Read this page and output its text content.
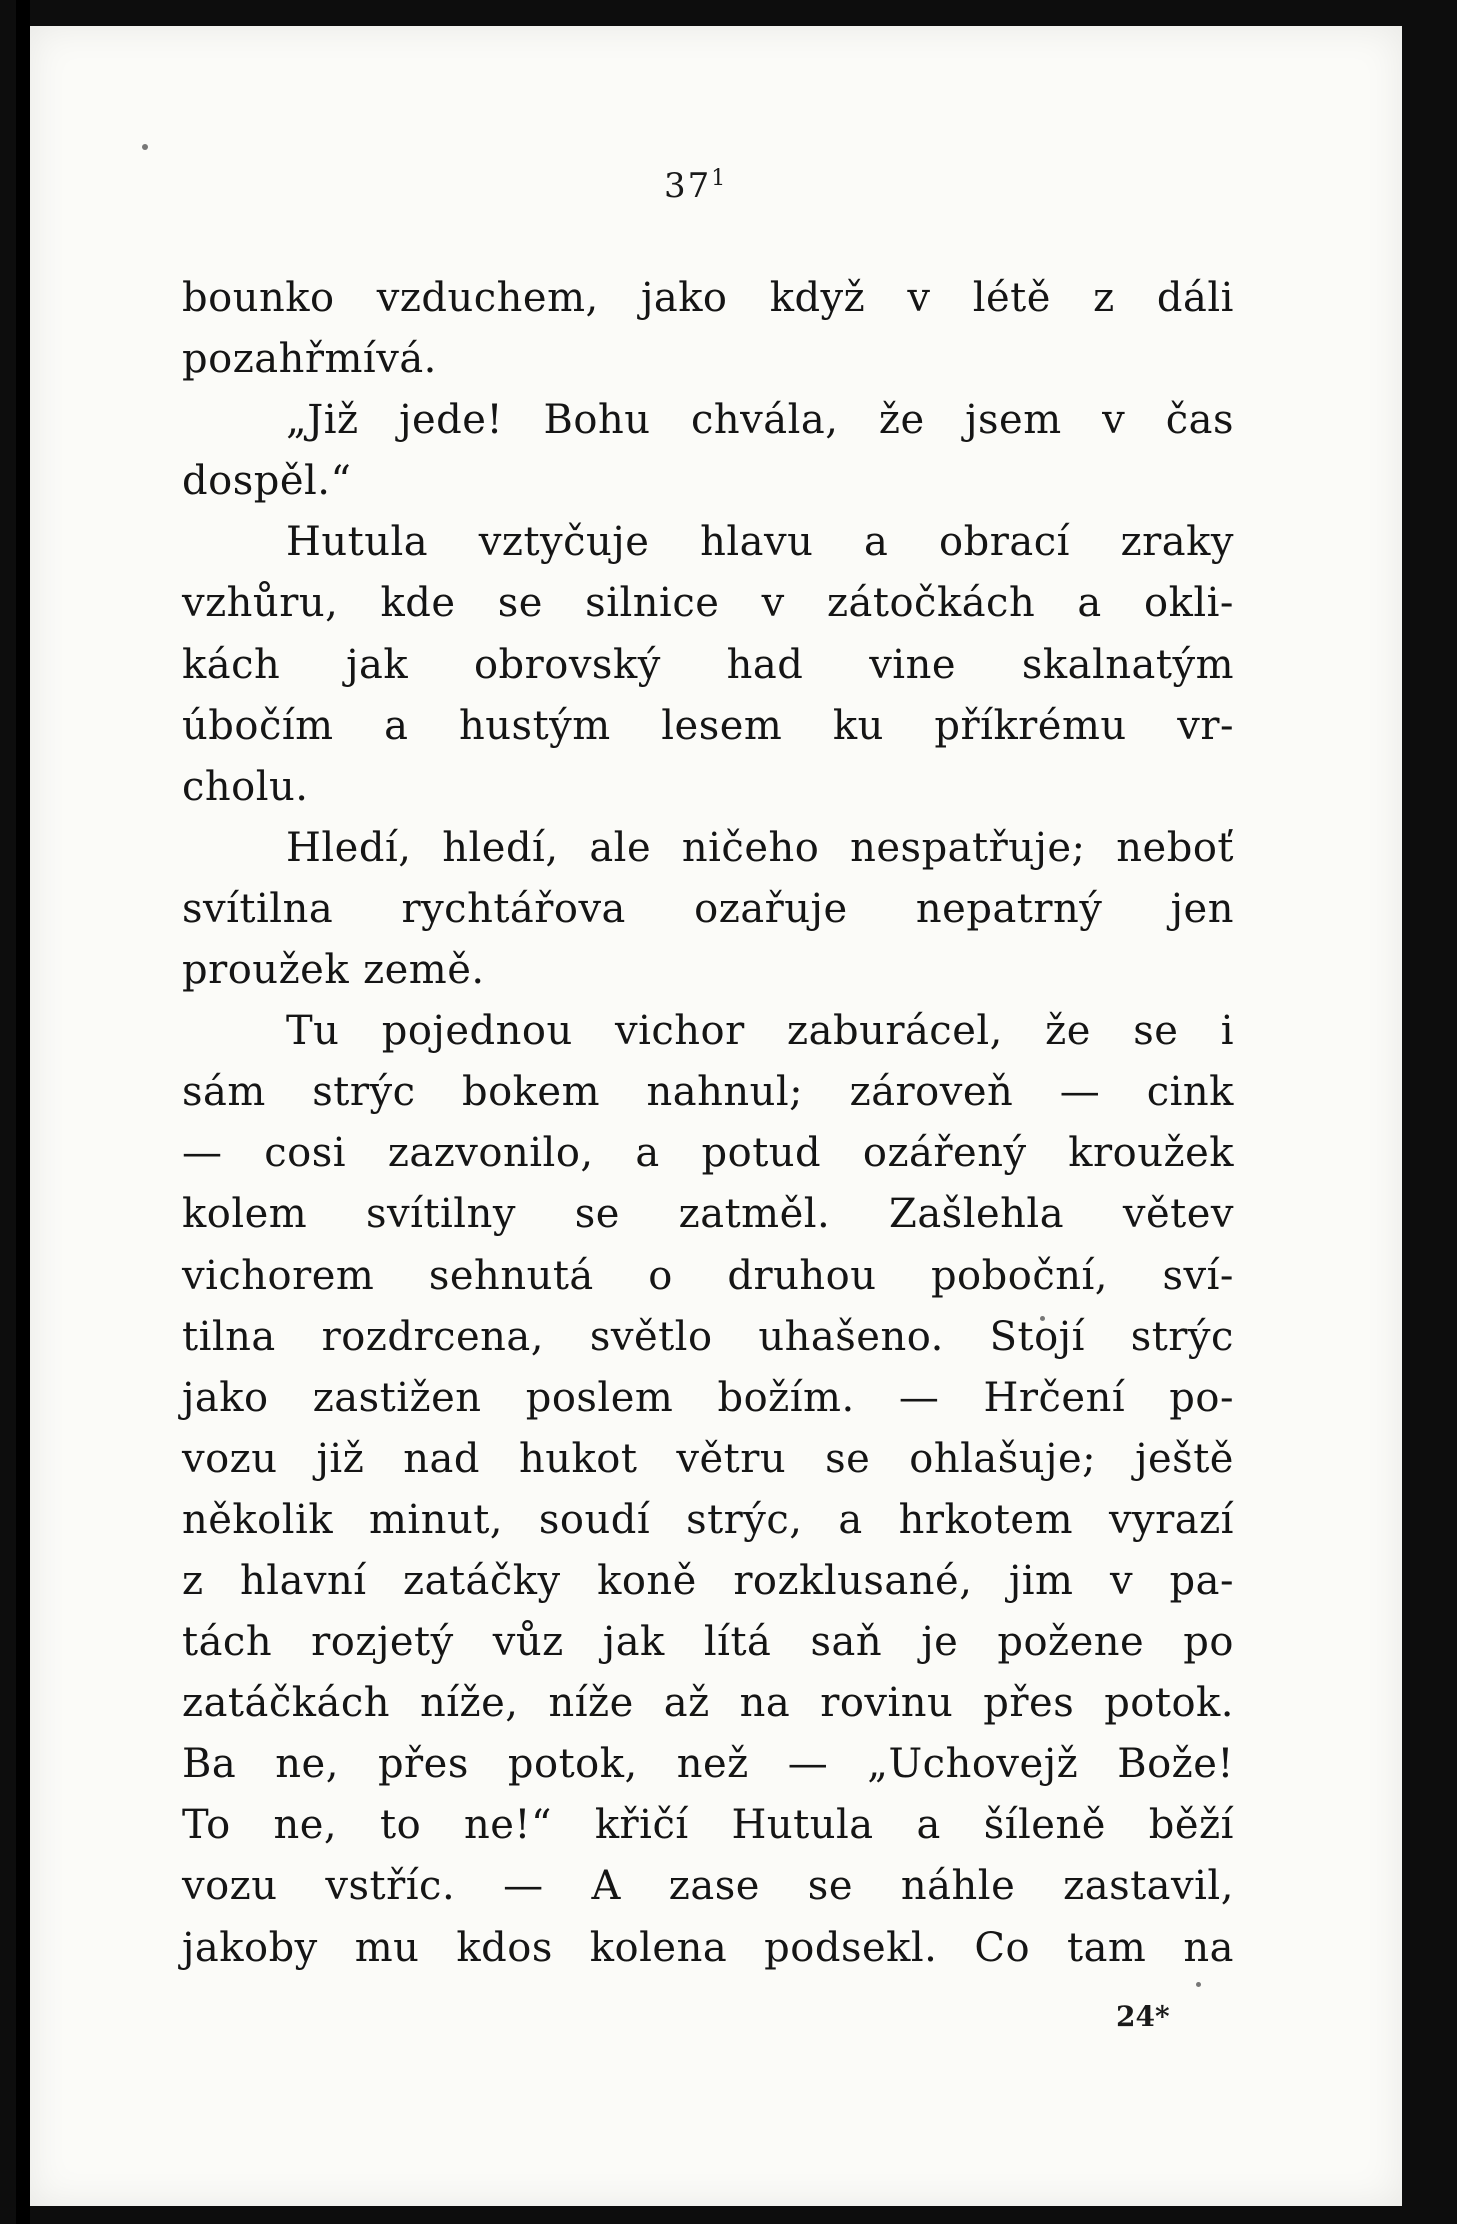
$37^1$
bounko vzduchem, jako když v létě z dáli
pozahřmívá.
„Již jede! Bohu chvála, že jsem v čas
dospěl.“
Hutula vztyčuje hlavu a obrací zraky
vzhůru, kde se silnice v zátočkách a okli-
kách jak obrovský had vine skalnatým
úbočím a hustým lesem ku příkrému vr-
cholu.
Hledí, hledí, ale ničeho nespatřuje; neboť
svítilna rychtářova ozařuje nepatrný jen
proužek země.
Tu pojednou vichor zaburácel, že se i
sám strýc bokem nahnul; zároveň — cink
— cosi zazvonilo, a potud ozářený kroužek
kolem svítilny se zatměl. Zašlehla větev
vichorem sehnutá o druhou poboční, sví-
tilna rozdrcena, světlo uhašeno. Stojí strýc
jako zastižen poslem božím. — Hrčení po-
vozu již nad hukot větru se ohlašuje; ještě
několik minut, soudí strýc, a hrkotem vyrazí
z hlavní zatáčky koně rozklusané, jim v pa-
tách rozjetý vůz jak lítá saň je požene po
zatáčkách níže, níže až na rovinu přes potok.
Ba ne, přes potok, než — „Uchovejž Bože!
To ne, to ne!“ křičí Hutula a šíleně běží
vozu vstříc. — A zase se náhle zastavil,
jakoby mu kdos kolena podsekl. Co tam na
24*
